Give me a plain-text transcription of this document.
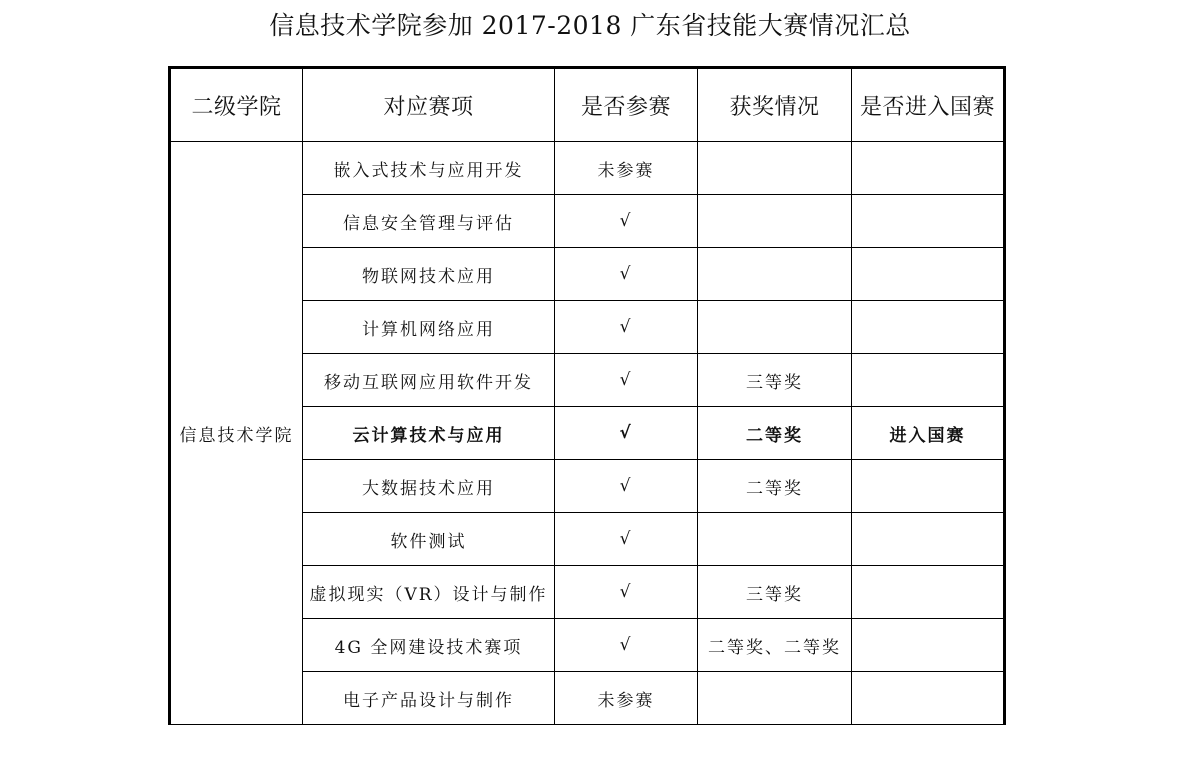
信息技术学院参加 2017-2018 广东省技能大赛情况汇总
二级学院	对应赛项	是否参赛	获奖情况	是否进入国赛
信息技术学院	嵌入式技术与应用开发	未参赛		
	信息安全管理与评估	√		
	物联网技术应用	√		
	计算机网络应用	√		
	移动互联网应用软件开发	√	三等奖	
	云计算技术与应用	√	二等奖	进入国赛
	大数据技术应用	√	二等奖	
	软件测试	√		
	虚拟现实（VR）设计与制作	√	三等奖	
	4G 全网建设技术赛项	√	二等奖、二等奖	
	电子产品设计与制作	未参赛		
